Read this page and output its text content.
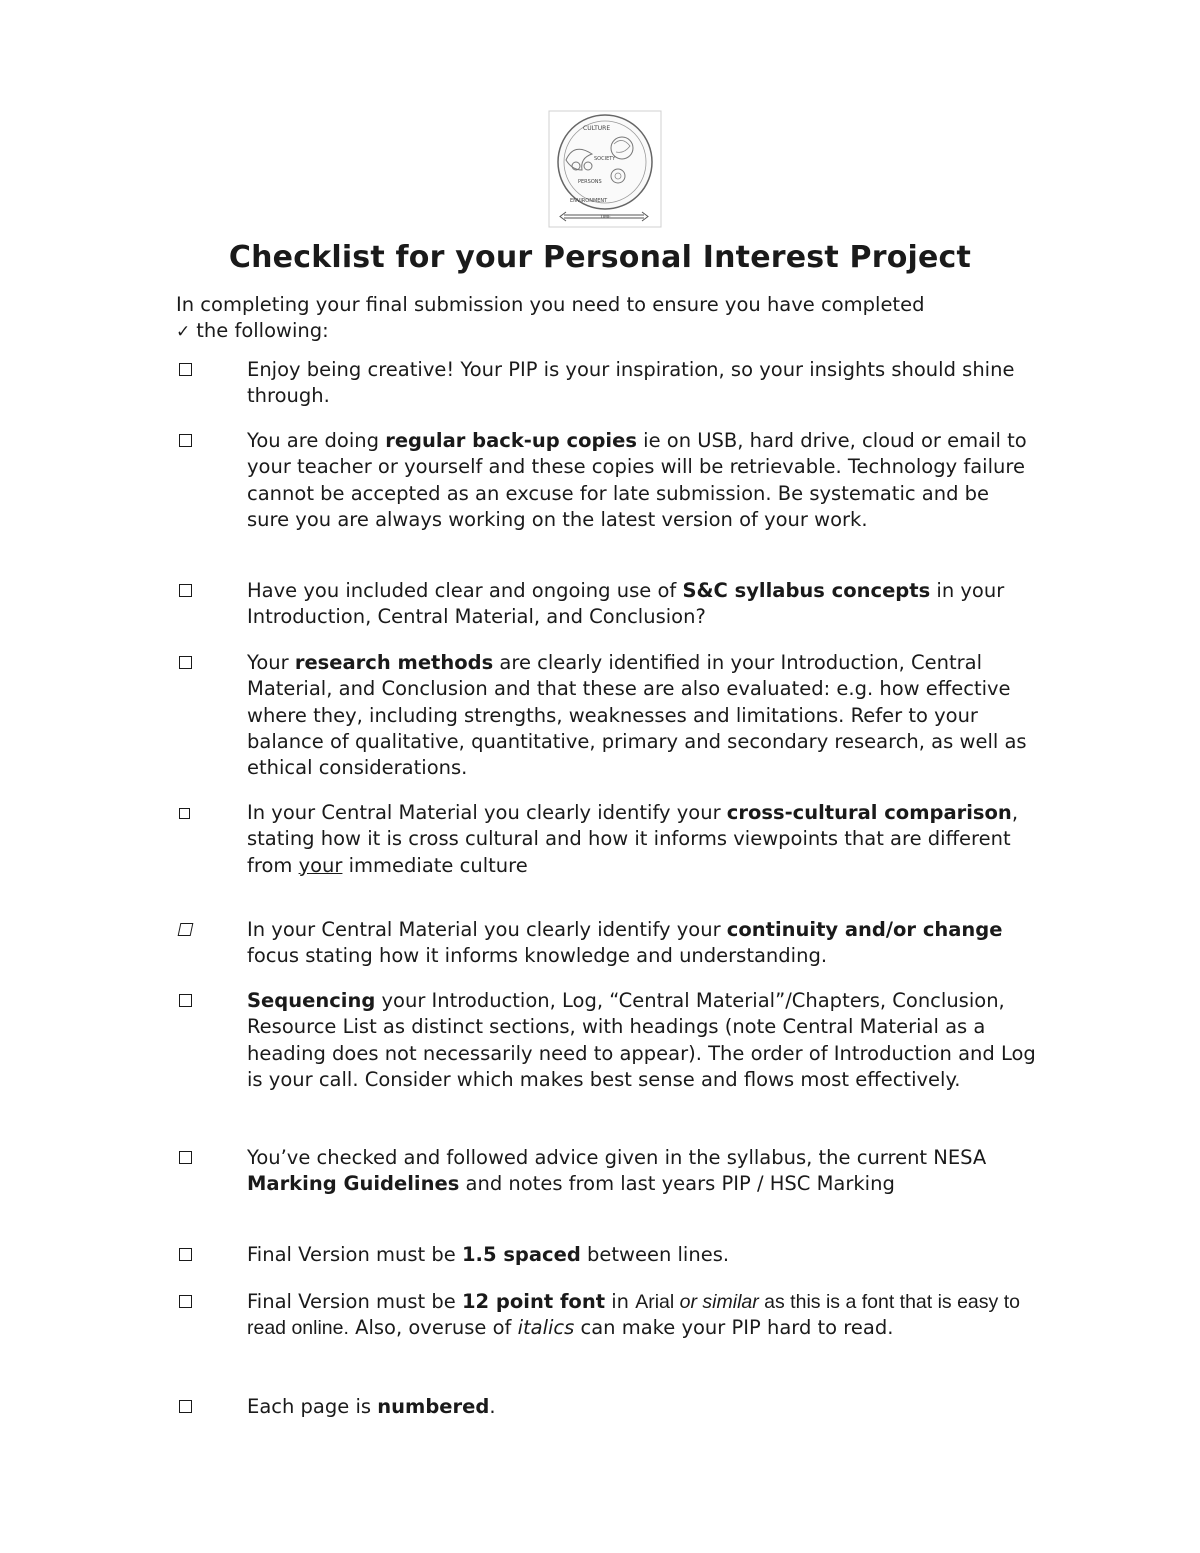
CULTURE
SOCIETY
PERSONS
ENVIRONMENT
TIME
Checklist for your Personal Interest Project

In completing your final submission you need to ensure you have completed
✓ the following:

Enjoy being creative! Your PIP is your inspiration, so your insights should shine through.

You are doing regular back-up copies ie on USB, hard drive, cloud or email to your teacher or yourself and these copies will be retrievable. Technology failure cannot be accepted as an excuse for late submission. Be systematic and be sure you are always working on the latest version of your work.

Have you included clear and ongoing use of S&C syllabus concepts in your Introduction, Central Material, and Conclusion?

Your research methods are clearly identified in your Introduction, Central Material, and Conclusion and that these are also evaluated: e.g. how effective where they, including strengths, weaknesses and limitations. Refer to your balance of qualitative, quantitative, primary and secondary research, as well as ethical considerations.

In your Central Material you clearly identify your cross-cultural comparison, stating how it is cross cultural and how it informs viewpoints that are different from your immediate culture

In your Central Material you clearly identify your continuity and/or change focus stating how it informs knowledge and understanding.

Sequencing your Introduction, Log, “Central Material”/Chapters, Conclusion, Resource List as distinct sections, with headings (note Central Material as a heading does not necessarily need to appear). The order of Introduction and Log is your call. Consider which makes best sense and flows most effectively.

You’ve checked and followed advice given in the syllabus, the current NESA Marking Guidelines and notes from last years PIP / HSC Marking

Final Version must be 1.5 spaced between lines.

Final Version must be 12 point font in Arial or similar as this is a font that is easy to read online. Also, overuse of italics can make your PIP hard to read.

Each page is numbered.
